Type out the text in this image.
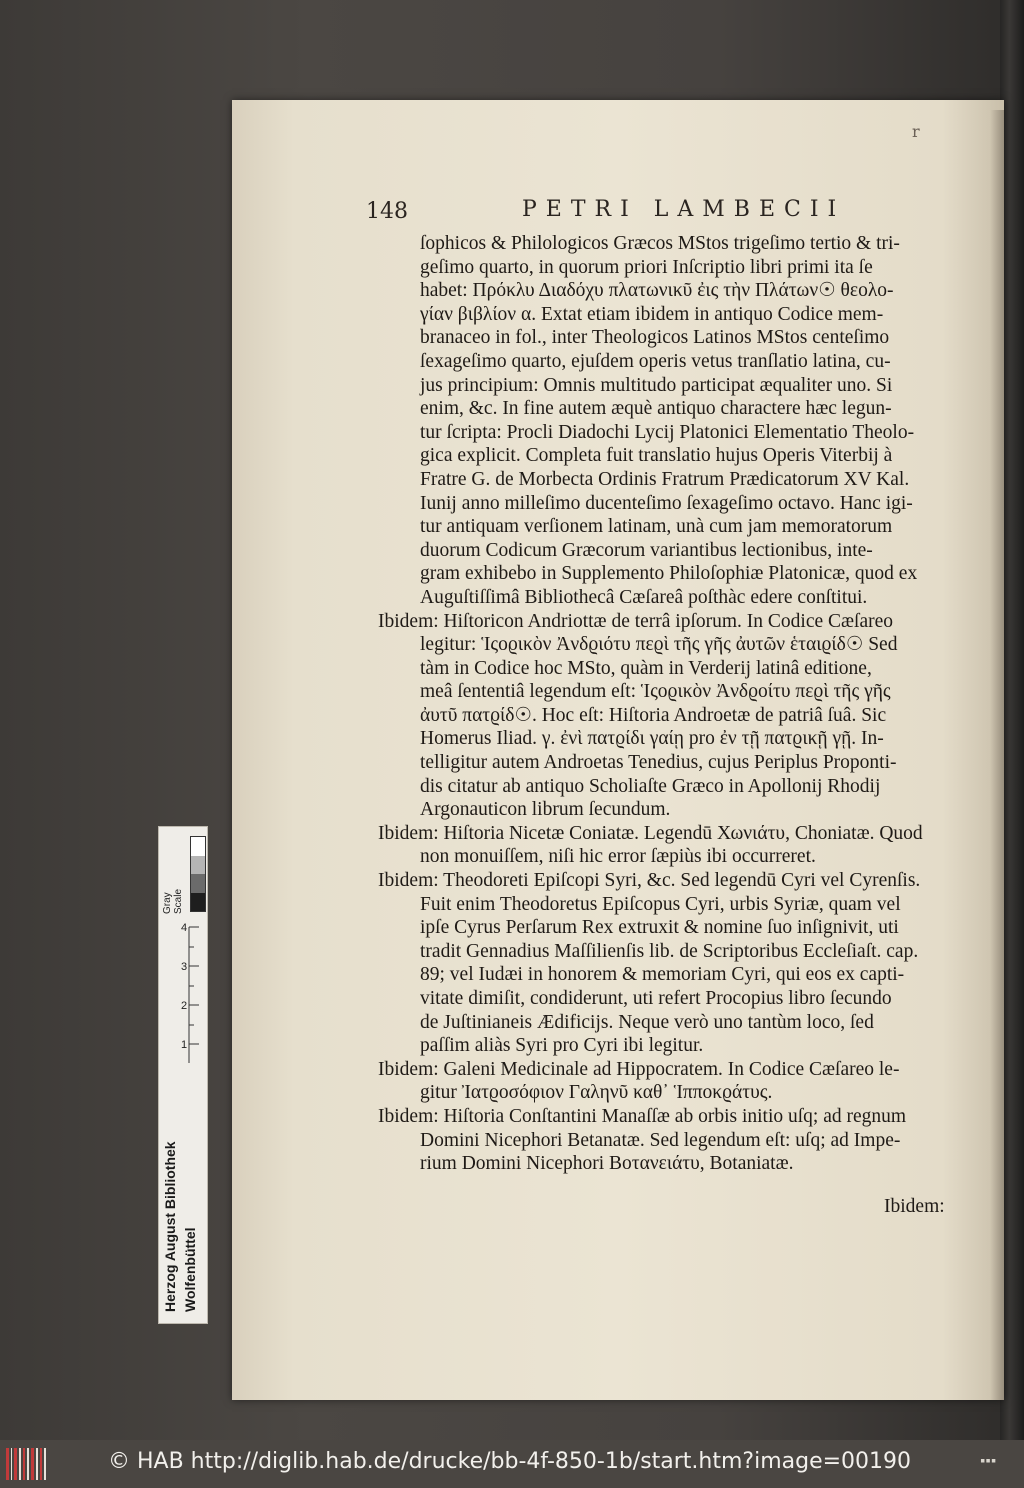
r
148	PETRI LAMBECII
ſophicos & Philologicos Græcos MStos trigeſimo tertio & tri-
geſimo quarto, in quorum priori Inſcriptio libri primi ita ſe
habet: Πρόκλυ Διαδόχυ πλατωνικῦ ἐις τὴν Πλάτων☉ θεολο-
γίαν βιβλίον α. Extat etiam ibidem in antiquo Codice mem-
branaceo in fol., inter Theologicos Latinos MStos centeſimo
ſexageſimo quarto, ejuſdem operis vetus tranſlatio latina, cu-
jus principium: Omnis multitudo participat æqualiter uno. Si
enim, &c. In fine autem æquè antiquo charactere hæc legun-
tur ſcripta: Procli Diadochi Lycij Platonici Elementatio Theolo-
gica explicit. Completa fuit translatio hujus Operis Viterbij à
Fratre G. de Morbecta Ordinis Fratrum Prædicatorum XV Kal.
Iunij anno milleſimo ducenteſimo ſexageſimo octavo. Hanc igi-
tur antiquam verſionem latinam, unà cum jam memoratorum
duorum Codicum Græcorum variantibus lectionibus, inte-
gram exhibebo in Supplemento Philoſophiæ Platonicæ, quod ex
Auguſtiſſimâ Bibliothecâ Cæſareâ poſthàc edere conſtitui.
Ibidem: Hiſtoricon Andriottæ de terrâ ipſorum. In Codice Cæſareo
legitur: Ἱςοϱικὸν Ἀνδϱιότυ πεϱὶ τῆς γῆς ἀυτῶν ἑταιϱίδ☉ Sed
tàm in Codice hoc MSto, quàm in Verderij latinâ editione,
meâ ſententiâ legendum eſt: Ἱςοϱικὸν Ἀνδϱοίτυ πεϱὶ τῆς γῆς
ἀυτῦ πατϱίδ☉. Hoc eſt: Hiſtoria Androetæ de patriâ ſuâ. Sic
Homerus Iliad. γ. ἐνὶ πατϱίδι γαίῃ pro ἐν τῇ πατϱικῇ γῇ. In-
telligitur autem Androetas Tenedius, cujus Periplus Proponti-
dis citatur ab antiquo Scholiaſte Græco in Apollonij Rhodij
Argonauticon librum ſecundum.
Ibidem: Hiſtoria Nicetæ Coniatæ. Legendū Χωνιάτυ, Choniatæ. Quod
non monuiſſem, niſi hic error ſæpiùs ibi occurreret.
Ibidem: Theodoreti Epiſcopi Syri, &c. Sed legendū Cyri vel Cyrenſis.
Fuit enim Theodoretus Epiſcopus Cyri, urbis Syriæ, quam vel
ipſe Cyrus Perſarum Rex extruxit & nomine ſuo inſignivit, uti
tradit Gennadius Maſſilienſis lib. de Scriptoribus Eccleſiaſt. cap.
89; vel Iudæi in honorem & memoriam Cyri, qui eos ex capti-
vitate dimiſit, condiderunt, uti refert Procopius libro ſecundo
de Juſtinianeis Ædificijs. Neque verò uno tantùm loco, ſed
paſſim aliàs Syri pro Cyri ibi legitur.
Ibidem: Galeni Medicinale ad Hippocratem. In Codice Cæſareo le-
gitur Ἰατϱοσόφιον Γαληνῦ καθ᾽ Ἱπποκϱάτυς.
Ibidem: Hiſtoria Conſtantini Manaſſæ ab orbis initio uſq; ad regnum
Domini Nicephori Betanatæ. Sed legendum eſt: uſq; ad Impe-
rium Domini Nicephori Βοτανειάτυ, Botaniatæ.
Ibidem:
4
3
2
1
Gray Scale
Herzog August Bibliothek Wolfenbüttel
© HAB http://diglib.hab.de/drucke/bb-4f-850-1b/start.htm?image=00190	▪▪▪
